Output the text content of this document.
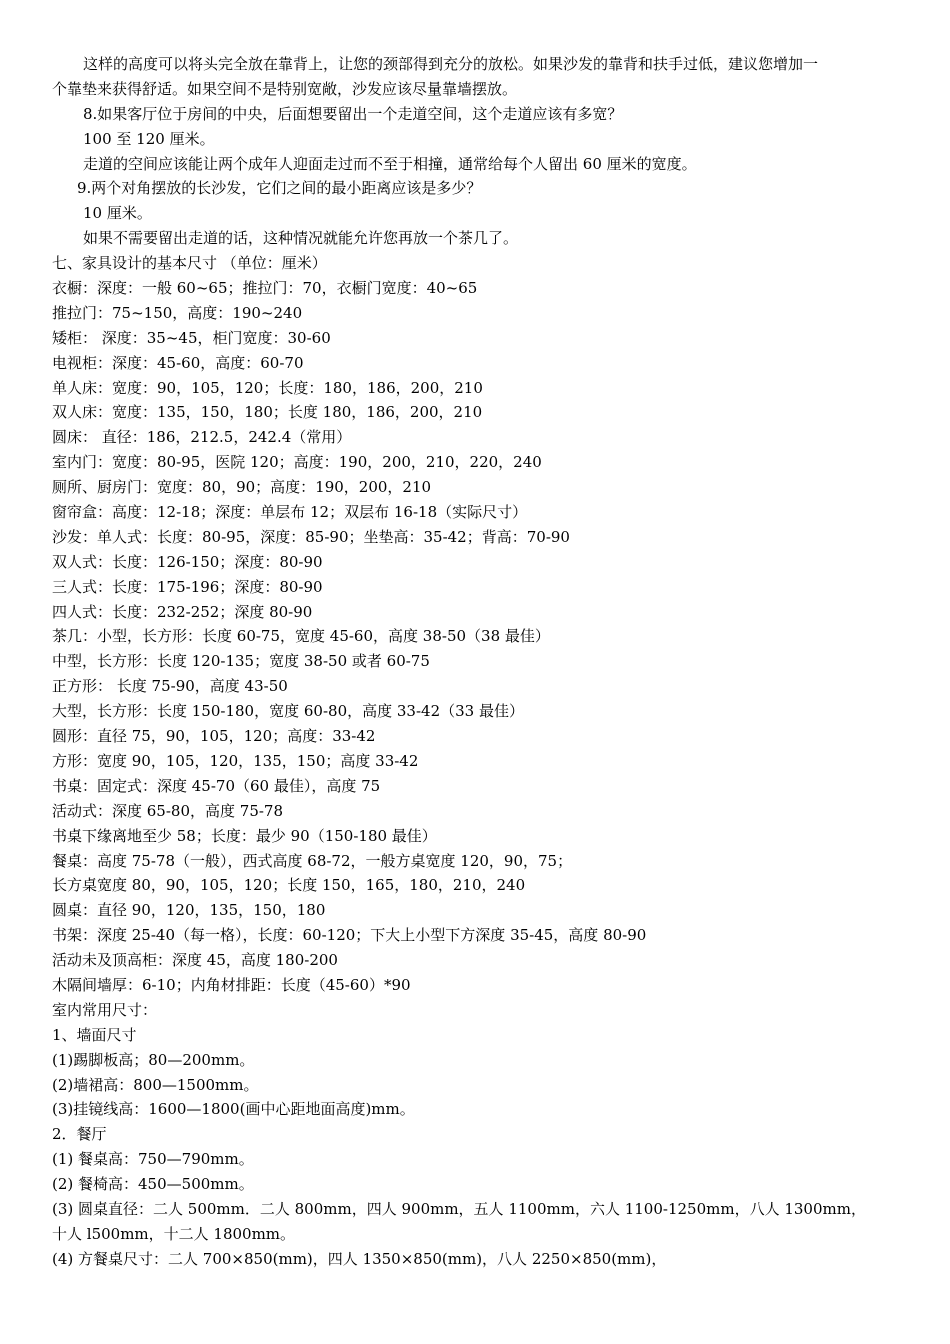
这样的高度可以将头完全放在靠背上，让您的颈部得到充分的放松。如果沙发的靠背和扶手过低，建议您增加一
个靠垫来获得舒适。如果空间不是特别宽敞，沙发应该尽量靠墙摆放。
8.如果客厅位于房间的中央，后面想要留出一个走道空间，这个走道应该有多宽？
100 至 120 厘米。
走道的空间应该能让两个成年人迎面走过而不至于相撞，通常给每个人留出 60 厘米的宽度。
9.两个对角摆放的长沙发，它们之间的最小距离应该是多少？
10 厘米。
如果不需要留出走道的话，这种情况就能允许您再放一个茶几了。
七、家具设计的基本尺寸 （单位：厘米）
衣橱：深度：一般 60~65；推拉门：70，衣橱门宽度：40~65
推拉门：75~150，高度：190~240
矮柜： 深度：35~45，柜门宽度：30-60
电视柜：深度：45-60，高度：60-70
单人床：宽度：90，105，120；长度：180，186，200，210
双人床：宽度：135，150，180；长度 180，186，200，210
圆床： 直径：186，212.5，242.4（常用）
室内门：宽度：80-95，医院 120；高度：190，200，210，220，240
厕所、厨房门：宽度：80，90；高度：190，200，210
窗帘盒：高度：12-18；深度：单层布 12；双层布 16-18（实际尺寸）
沙发：单人式：长度：80-95，深度：85-90；坐垫高：35-42；背高：70-90
双人式：长度：126-150；深度：80-90
三人式：长度：175-196；深度：80-90
四人式：长度：232-252；深度 80-90
茶几：小型，长方形：长度 60-75，宽度 45-60，高度 38-50（38 最佳）
中型，长方形：长度 120-135；宽度 38-50 或者 60-75
正方形： 长度 75-90，高度 43-50
大型，长方形：长度 150-180，宽度 60-80，高度 33-42（33 最佳）
圆形：直径 75，90，105，120；高度：33-42
方形：宽度 90，105，120，135，150；高度 33-42
书桌：固定式：深度 45-70（60 最佳），高度 75
活动式：深度 65-80，高度 75-78
书桌下缘离地至少 58；长度：最少 90（150-180 最佳）
餐桌：高度 75-78（一般），西式高度 68-72，一般方桌宽度 120，90，75；
长方桌宽度 80，90，105，120；长度 150，165，180，210，240
圆桌：直径 90，120，135，150，180
书架：深度 25-40（每一格），长度：60-120；下大上小型下方深度 35-45，高度 80-90
活动未及顶高柜：深度 45，高度 180-200
木隔间墙厚：6-10；内角材排距：长度（45-60）*90
室内常用尺寸：
1、墙面尺寸
(1)踢脚板高；80—200mm。
(2)墙裙高：800—1500mm。
(3)挂镜线高：1600—1800(画中心距地面高度)mm。
2．餐厅
(1) 餐桌高：750—790mm。
(2) 餐椅高：450—500mm。
(3) 圆桌直径：二人 500mm．二人 800mm，四人 900mm，五人 1100mm，六人 1100-1250mm，八人 1300mm，
十人 l500mm，十二人 1800mm。
(4) 方餐桌尺寸：二人 700×850(mm)，四人 1350×850(mm)，八人 2250×850(mm)，
